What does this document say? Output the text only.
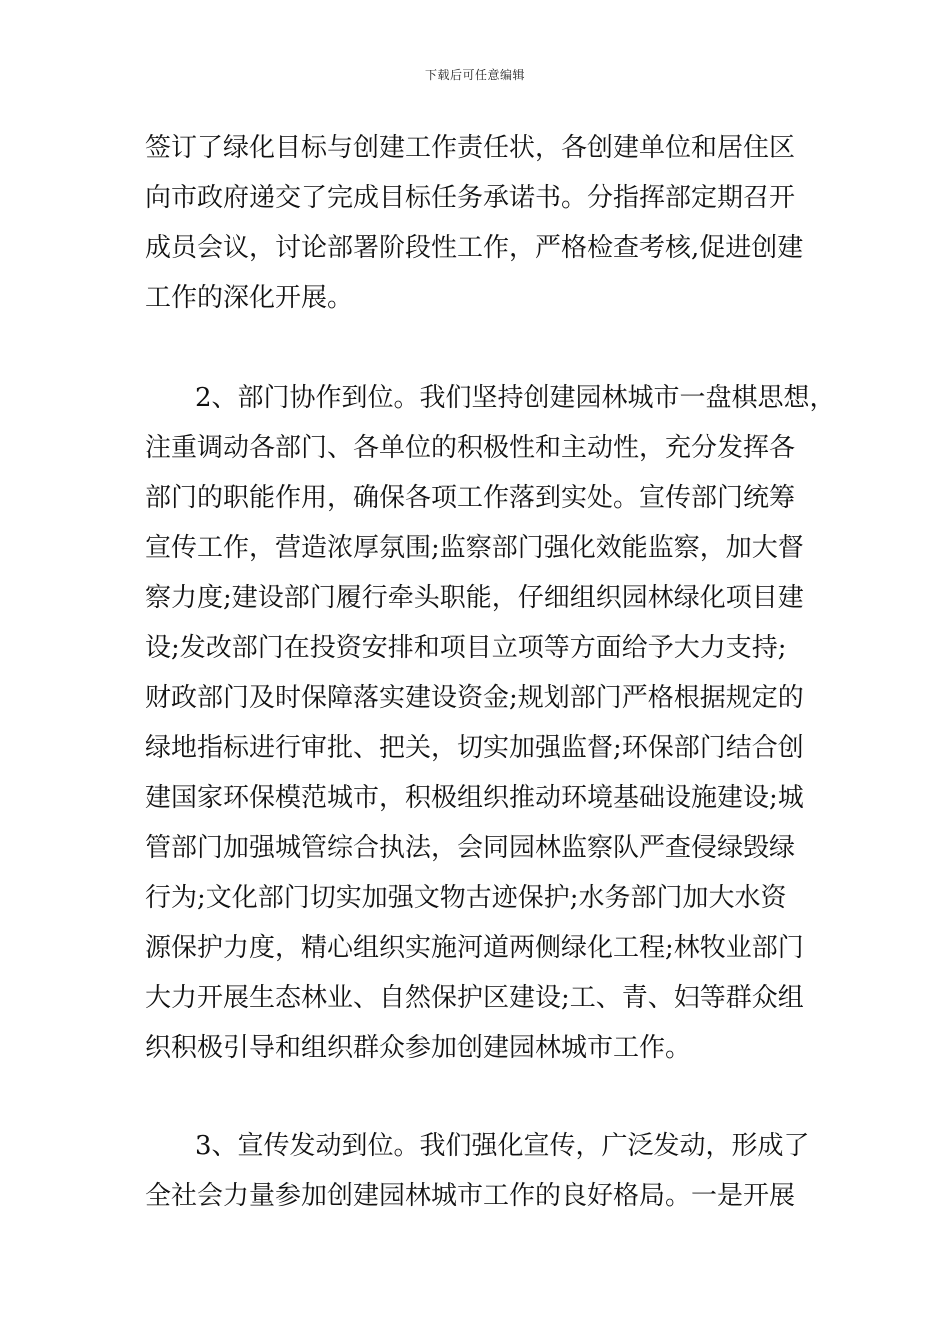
下载后可任意编辑
签订了绿化目标与创建工作责任状，各创建单位和居住区
向市政府递交了完成目标任务承诺书。分指挥部定期召开
成员会议，讨论部署阶段性工作，严格检查考核,促进创建
工作的深化开展。
2、部门协作到位。我们坚持创建园林城市一盘棋思想，
注重调动各部门、各单位的积极性和主动性，充分发挥各
部门的职能作用，确保各项工作落到实处。宣传部门统筹
宣传工作，营造浓厚氛围;监察部门强化效能监察，加大督
察力度;建设部门履行牵头职能，仔细组织园林绿化项目建
设;发改部门在投资安排和项目立项等方面给予大力支持;
财政部门及时保障落实建设资金;规划部门严格根据规定的
绿地指标进行审批、把关，切实加强监督;环保部门结合创
建国家环保模范城市，积极组织推动环境基础设施建设;城
管部门加强城管综合执法，会同园林监察队严查侵绿毁绿
行为;文化部门切实加强文物古迹保护;水务部门加大水资
源保护力度，精心组织实施河道两侧绿化工程;林牧业部门
大力开展生态林业、自然保护区建设;工、青、妇等群众组
织积极引导和组织群众参加创建园林城市工作。
3、宣传发动到位。我们强化宣传，广泛发动，形成了
全社会力量参加创建园林城市工作的良好格局。一是开展
